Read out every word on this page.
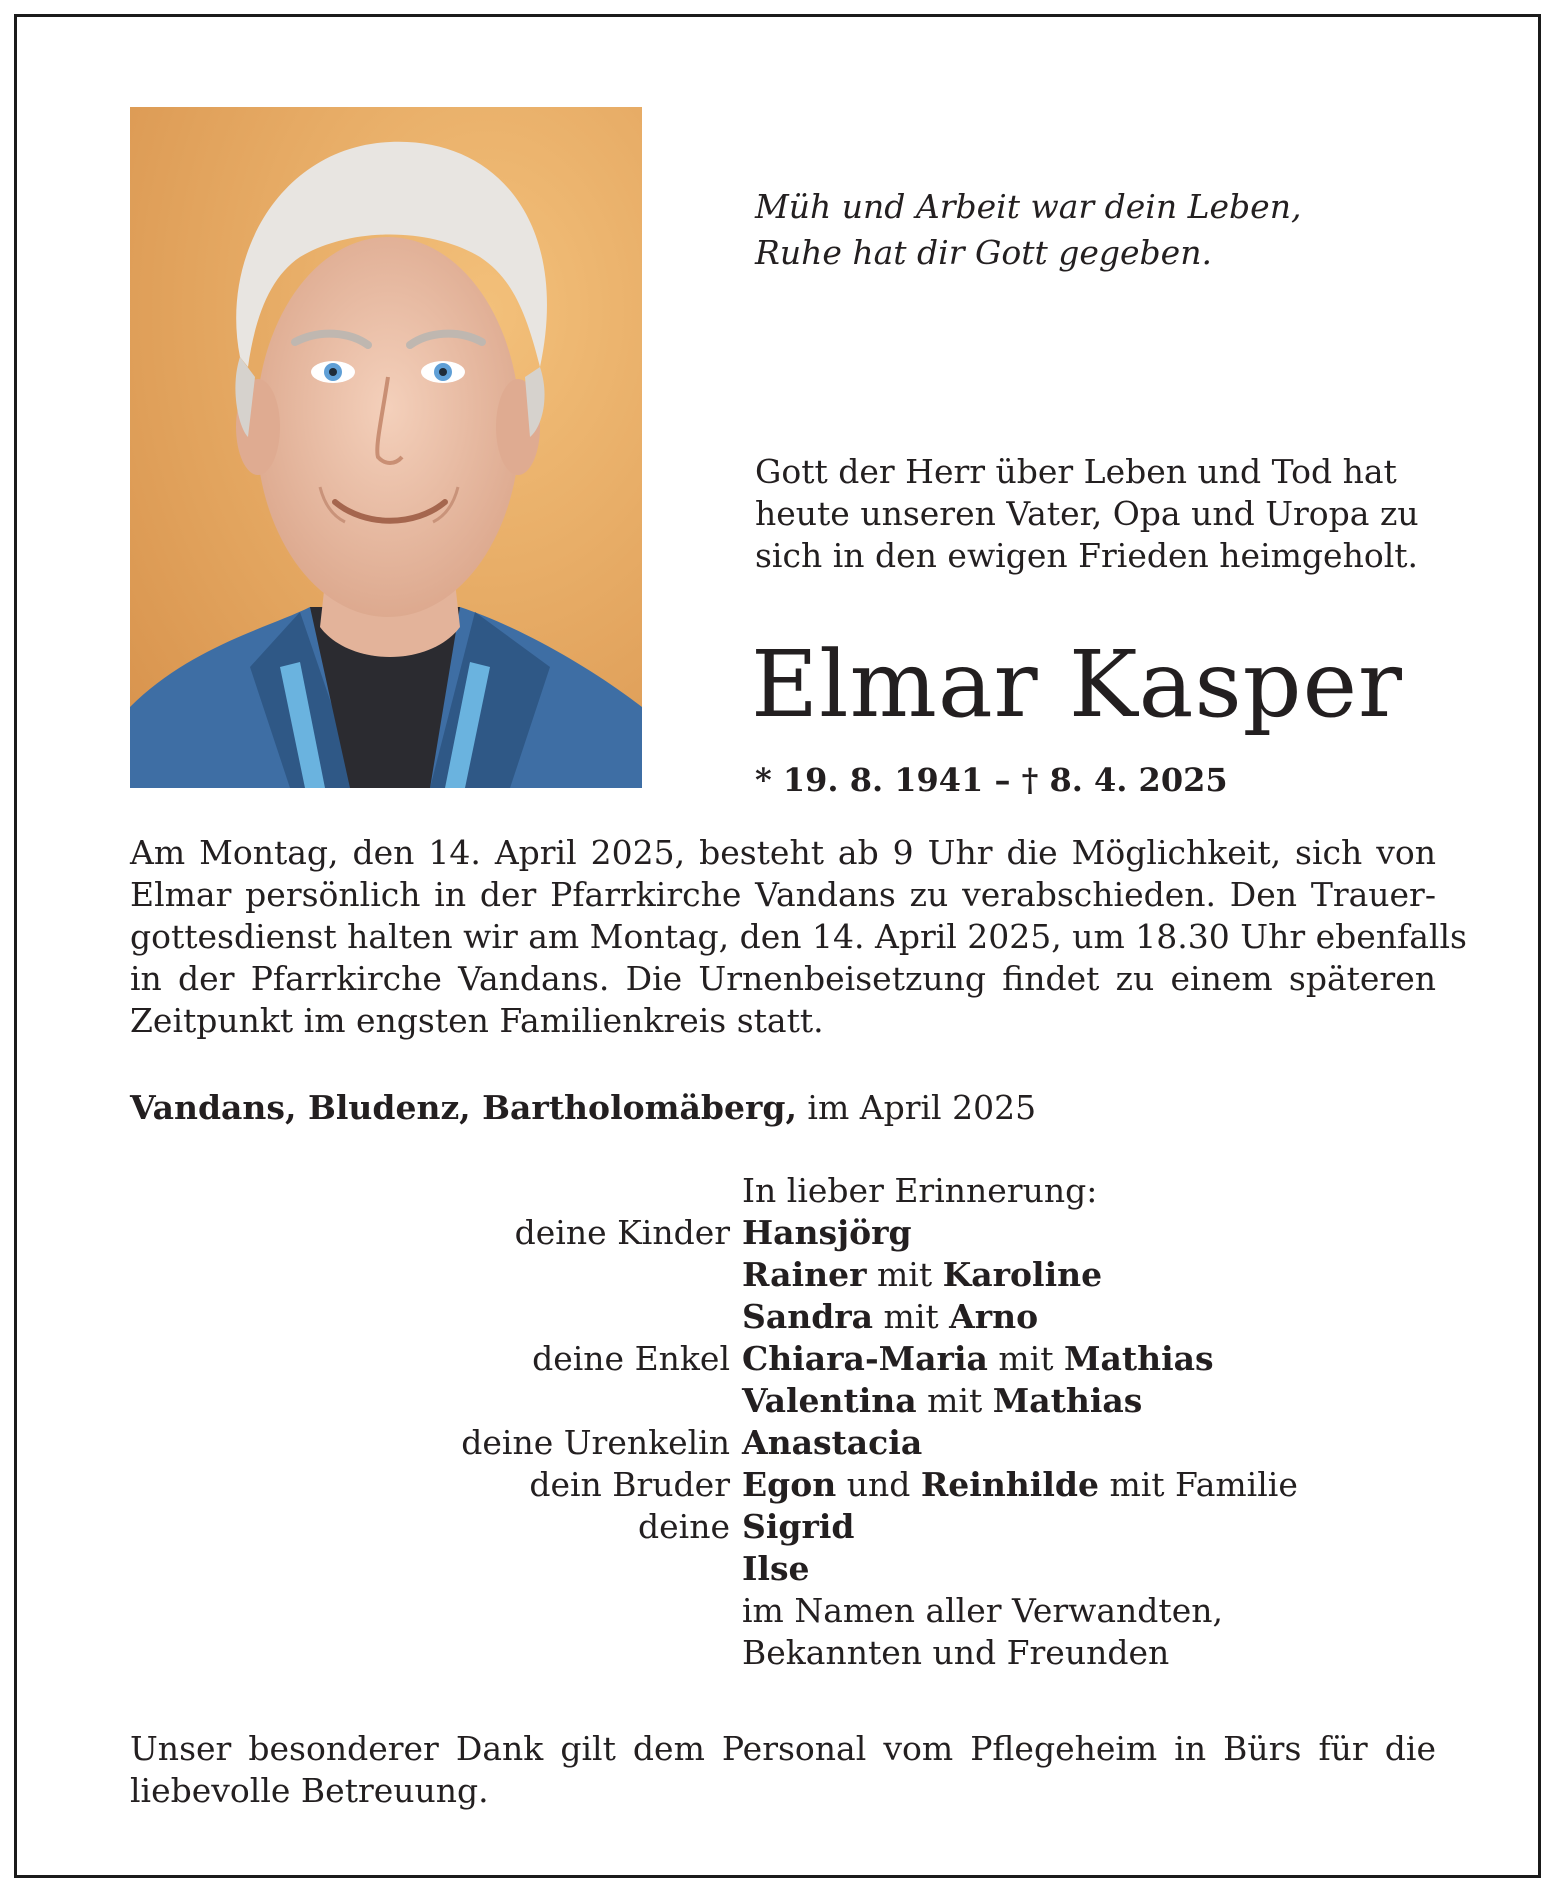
Müh und Arbeit war dein Leben,
Ruhe hat dir Gott gegeben.
Gott der Herr über Leben und Tod hat
heute unseren Vater, Opa und Uropa zu
sich in den ewigen Frieden heimgeholt.
Elmar Kasper
* 19. 8. 1941 – † 8. 4. 2025
Am Montag, den 14. April 2025, besteht ab 9 Uhr die Möglichkeit, sich von
Elmar persönlich in der Pfarrkirche Vandans zu verabschieden. Den Trauer-
gottesdienst halten wir am Montag, den 14. April 2025, um 18.30 Uhr ebenfalls
in der Pfarrkirche Vandans. Die Urnenbeisetzung findet zu einem späteren
Zeitpunkt im engsten Familienkreis statt.
Vandans, Bludenz, Bartholomäberg, im April 2025
In lieber Erinnerung:
deine Kinder Hansjörg
Rainer mit Karoline
Sandra mit Arno
deine Enkel Chiara-Maria mit Mathias
Valentina mit Mathias
deine Urenkelin Anastacia
dein Bruder Egon und Reinhilde mit Familie
deine Sigrid
Ilse
im Namen aller Verwandten,
Bekannten und Freunden
Unser besonderer Dank gilt dem Personal vom Pflegeheim in Bürs für die
liebevolle Betreuung.
